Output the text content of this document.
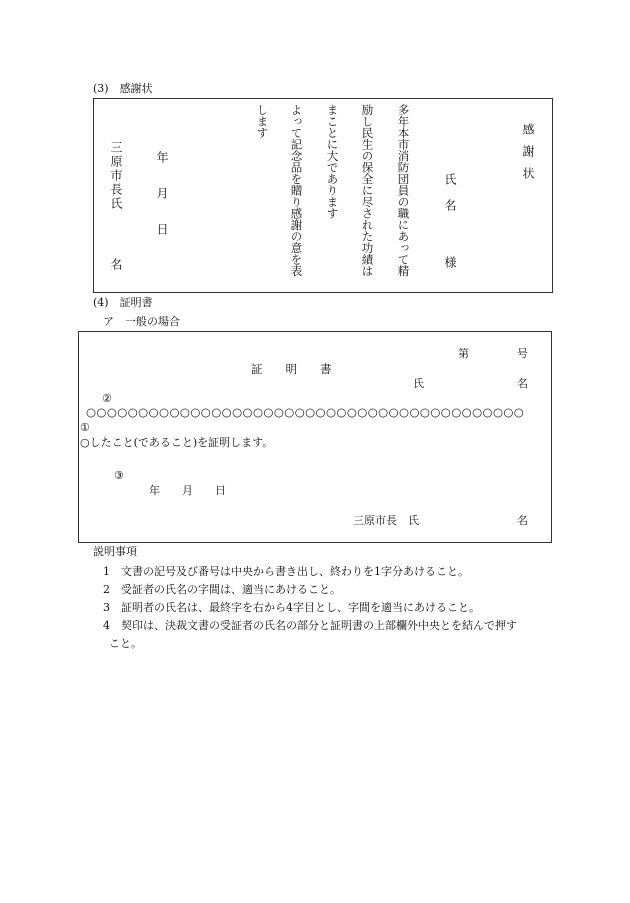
(3)　感謝状
感謝状
氏名
様
多年本市消防団員の職にあって精
励し民生の保全に尽された功績は
まことに大であります
よって記念品を贈り感謝の意を表
します
年月日
三原市長氏
名
(4)　証明書
ア　一般の場合
第	号
証　　明　　書
氏	名
②
○○○○○○○○○○○○○○○○○○○○○○○○○○○○○○○○○○○○○○○○○○
①
○したこと(であること)を証明します。
③
年　　月　　日
三原市長　氏	名
説明事項
1　文書の記号及び番号は中央から書き出し、終わりを1字分あけること。
2　受証者の氏名の字間は、適当にあけること。
3　証明者の氏名は、最終字を右から4字目とし、字間を適当にあけること。
4　契印は、決裁文書の受証者の氏名の部分と証明書の上部欄外中央とを結んで押す
こと。
